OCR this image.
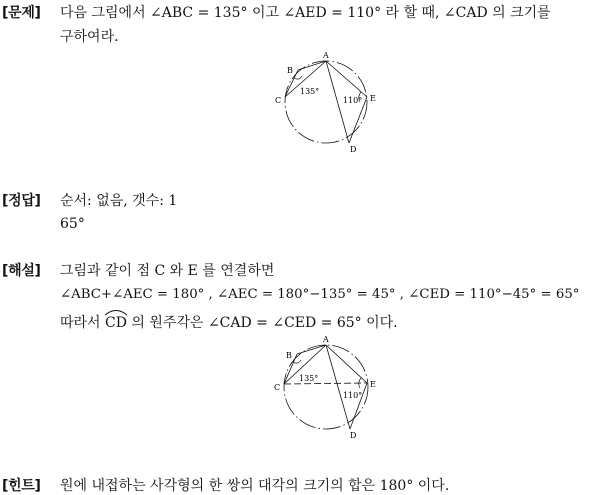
[문제] 다음 그림에서 ∠ABC = 135° 이고 ∠AED = 110° 라 할 때, ∠CAD 의 크기를
구하여라.
A
B
C
D
E
135°
110°
[정답] 순서: 없음, 갯수: 1
65°
[해설] 그림과 같이 점 C 와 E 를 연결하면
∠ABC+∠AEC = 180° , ∠AEC = 180°−135° = 45° , ∠CED = 110°−45° = 65°
따라서
CD 의 원주각은 ∠CAD = ∠CED = 65° 이다.
A
B
C
D
E
135°
110°
[힌트] 원에 내접하는 사각형의 한 쌍의 대각의 크기의 합은 180° 이다.
